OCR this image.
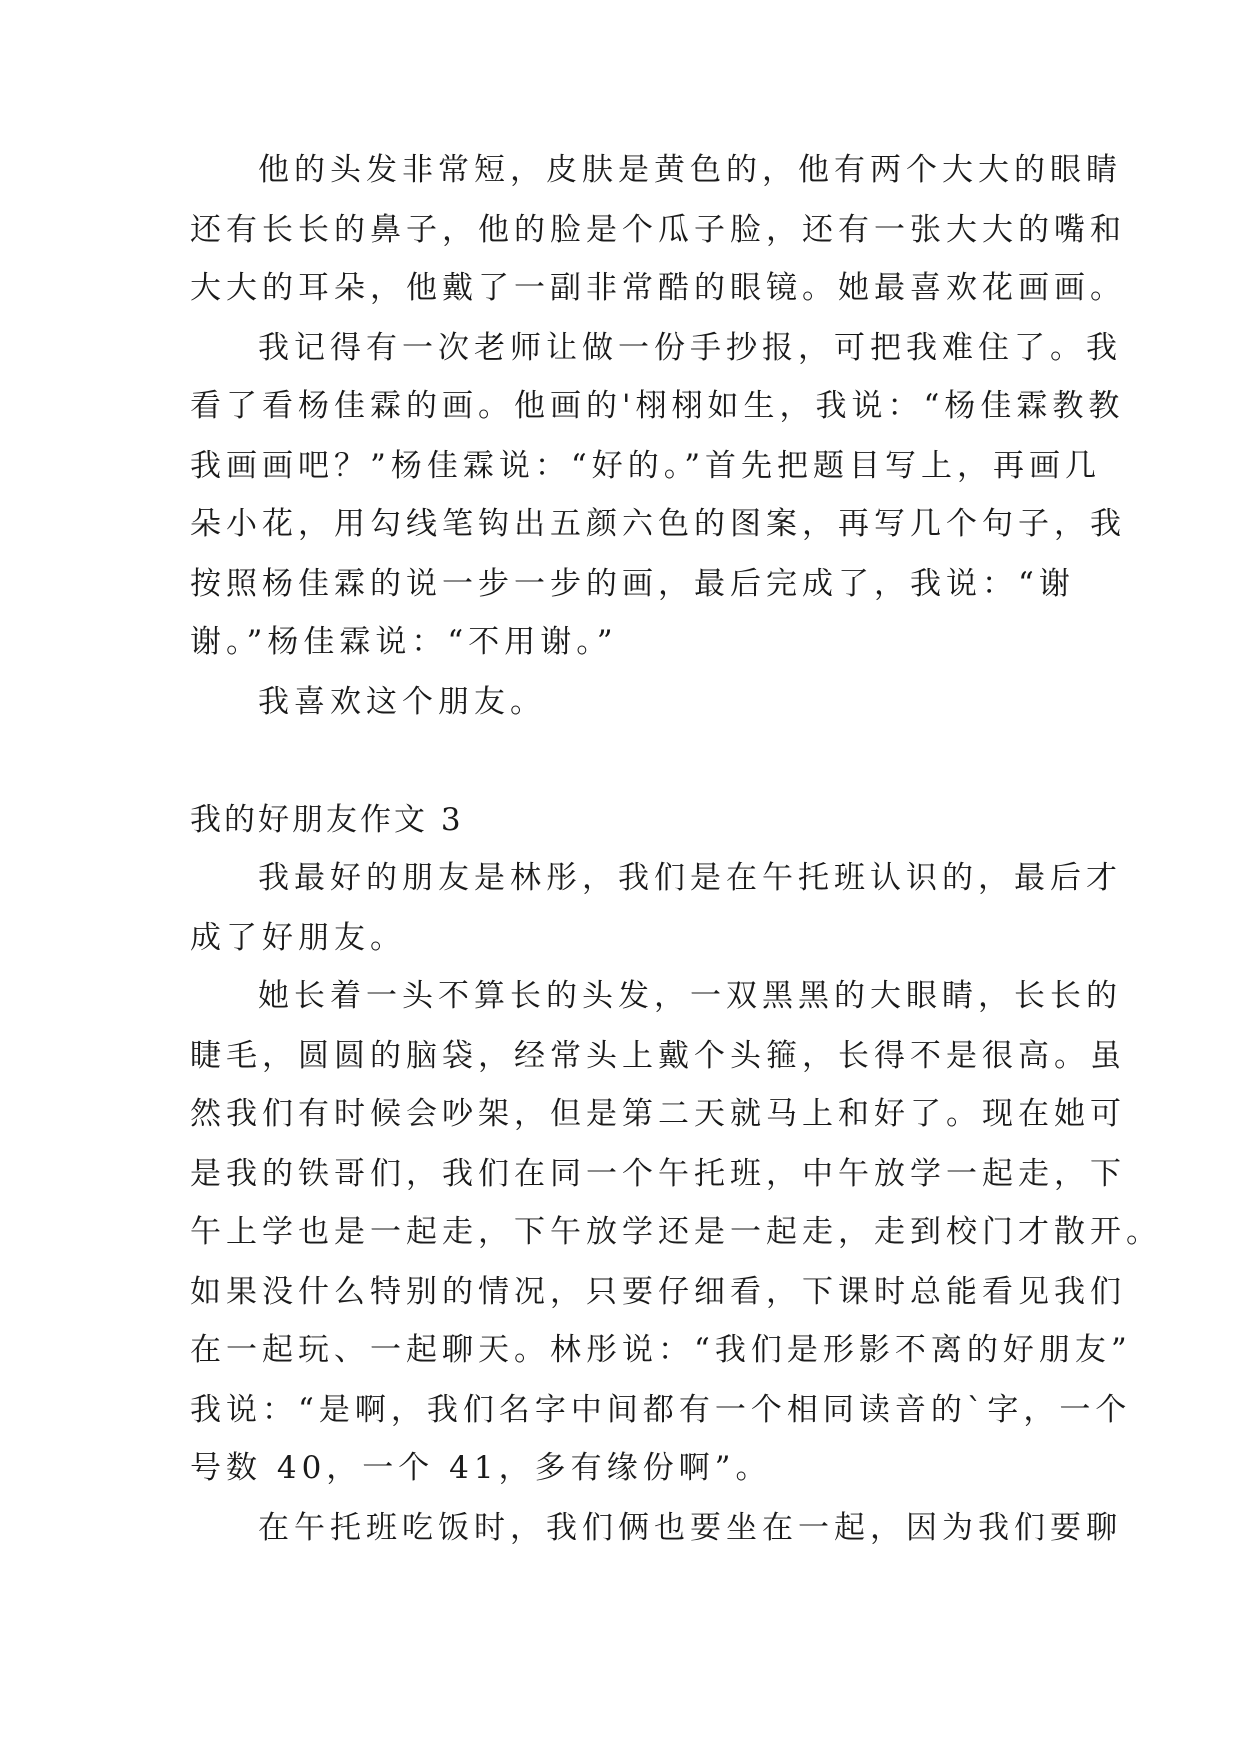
他的头发非常短，皮肤是黄色的，他有两个大大的眼睛
还有长长的鼻子，他的脸是个瓜子脸，还有一张大大的嘴和
大大的耳朵，他戴了一副非常酷的眼镜。她最喜欢花画画。
我记得有一次老师让做一份手抄报，可把我难住了。我
看了看杨佳霖的画。他画的'栩栩如生，我说：“杨佳霖教教
我画画吧？”杨佳霖说：“好的。”首先把题目写上，再画几
朵小花，用勾线笔钩出五颜六色的图案，再写几个句子，我
按照杨佳霖的说一步一步的画，最后完成了，我说：“谢
谢。”杨佳霖说：“不用谢。”
我喜欢这个朋友。
我的好朋友作文 3
我最好的朋友是林彤，我们是在午托班认识的，最后才
成了好朋友。
她长着一头不算长的头发，一双黑黑的大眼睛，长长的
睫毛，圆圆的脑袋，经常头上戴个头箍，长得不是很高。虽
然我们有时候会吵架，但是第二天就马上和好了。现在她可
是我的铁哥们，我们在同一个午托班，中午放学一起走，下
午上学也是一起走，下午放学还是一起走，走到校门才散开。
如果没什么特别的情况，只要仔细看，下课时总能看见我们
在一起玩、一起聊天。林彤说：“我们是形影不离的好朋友”
我说：“是啊，我们名字中间都有一个相同读音的`字，一个
号数 40，一个 41，多有缘份啊”。
在午托班吃饭时，我们俩也要坐在一起，因为我们要聊
